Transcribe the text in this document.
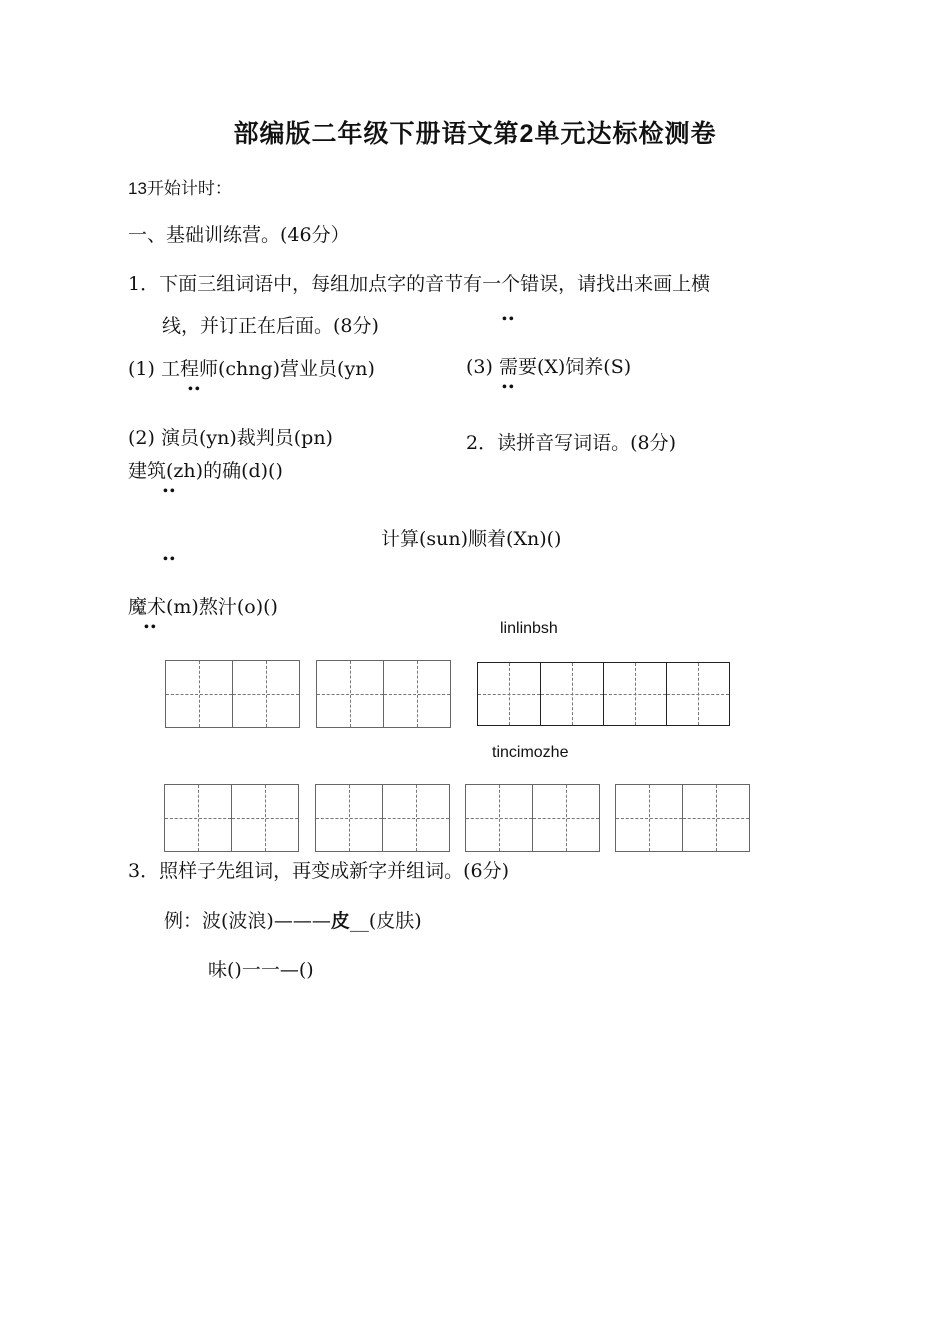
部编版二年级下册语文第2单元达标检测卷
13开始计时：
一、基础训练营。(46分）
1．下面三组词语中，每组加点字的音节有一个错误，请找出来画上横
线，并订正在后面。(8分)	••
(1) 工程师(chng)营业员(yn)
••
(3) 需要(X)饲养(S)
••
(2) 演员(yn)裁判员(pn)	2．读拼音写词语。(8分)
建筑(zh)的确(d)()
••
计算(sun)顺着(Xn)()
••
魔术(m)熬汁(o)()
••	linlinbsh
tincimozhe
3．照样子先组词，再变成新字并组词。(6分)
例：波(波浪)———皮__(皮肤)
味()一一—()
